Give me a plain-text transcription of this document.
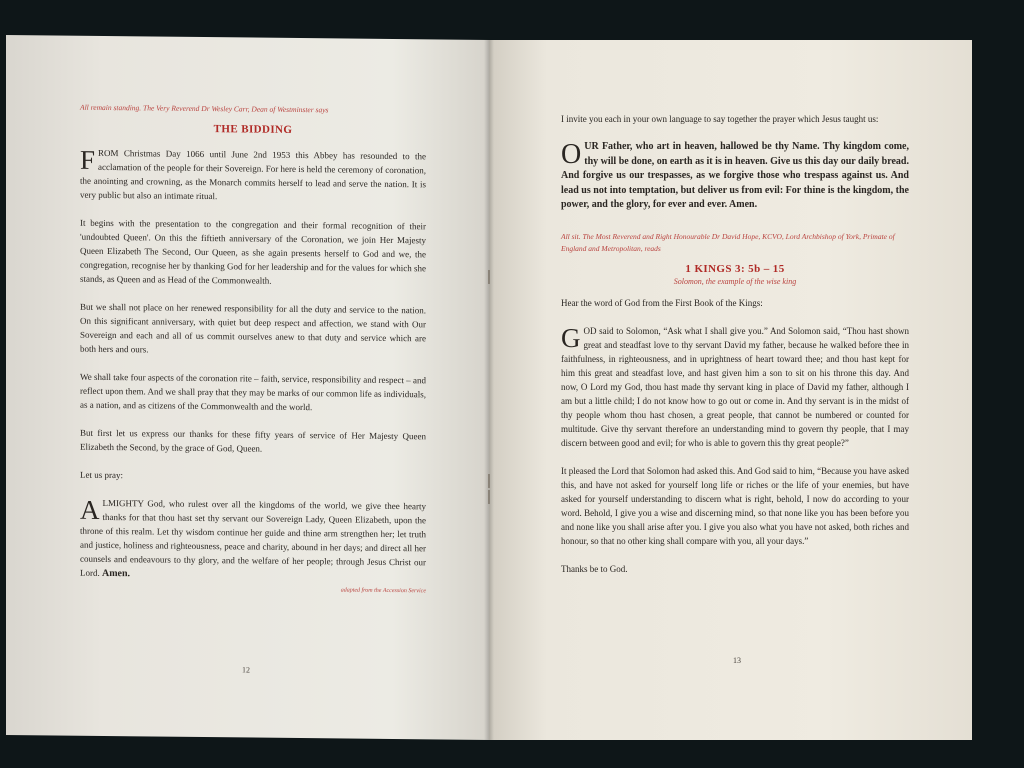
All remain standing. The Very Reverend Dr Wesley Carr, Dean of Westminster says

THE BIDDING

FROM Christmas Day 1066 until June 2nd 1953 this Abbey has resounded to the acclamation of the people for their Sovereign. For here is held the ceremony of coronation, the anointing and crowning, as the Monarch commits herself to lead and serve the nation. It is very public but also an intimate ritual.

It begins with the presentation to the congregation and their formal recognition of their 'undoubted Queen'. On this the fiftieth anniversary of the Coronation, we join Her Majesty Queen Elizabeth The Second, Our Queen, as she again presents herself to God and we, the congregation, recognise her by thanking God for her leadership and for the values for which she stands, as Queen and as Head of the Commonwealth.

But we shall not place on her renewed responsibility for all the duty and service to the nation. On this significant anniversary, with quiet but deep respect and affection, we stand with Our Sovereign and each and all of us commit ourselves anew to that duty and service which are both hers and ours.

We shall take four aspects of the coronation rite – faith, service, responsibility and respect – and reflect upon them. And we shall pray that they may be marks of our common life as individuals, as a nation, and as citizens of the Commonwealth and the world.

But first let us express our thanks for these fifty years of service of Her Majesty Queen Elizabeth the Second, by the grace of God, Queen.

Let us pray:

ALMIGHTY God, who rulest over all the kingdoms of the world, we give thee hearty thanks for that thou hast set thy servant our Sovereign Lady, Queen Elizabeth, upon the throne of this realm. Let thy wisdom continue her guide and thine arm strengthen her; let truth and justice, holiness and righteousness, peace and charity, abound in her days; and direct all her counsels and endeavours to thy glory, and the welfare of her people; through Jesus Christ our Lord. Amen.

adapted from the Accession Service
12

I invite you each in your own language to say together the prayer which Jesus taught us:

OUR Father, who art in heaven, hallowed be thy Name. Thy kingdom come, thy will be done, on earth as it is in heaven. Give us this day our daily bread. And forgive us our trespasses, as we forgive those who trespass against us. And lead us not into temptation, but deliver us from evil: For thine is the kingdom, the power, and the glory, for ever and ever. Amen.

All sit. The Most Reverend and Right Honourable Dr David Hope, KCVO, Lord Archbishop of York, Primate of England and Metropolitan, reads

1 KINGS 3: 5b – 15
Solomon, the example of the wise king

Hear the word of God from the First Book of the Kings:

GOD said to Solomon, “Ask what I shall give you.” And Solomon said, “Thou hast shown great and steadfast love to thy servant David my father, because he walked before thee in faithfulness, in righteousness, and in uprightness of heart toward thee; and thou hast kept for him this great and steadfast love, and hast given him a son to sit on his throne this day. And now, O Lord my God, thou hast made thy servant king in place of David my father, although I am but a little child; I do not know how to go out or come in. And thy servant is in the midst of thy people whom thou hast chosen, a great people, that cannot be numbered or counted for multitude. Give thy servant therefore an understanding mind to govern thy people, that I may discern between good and evil; for who is able to govern this thy great people?”

It pleased the Lord that Solomon had asked this. And God said to him, “Because you have asked this, and have not asked for yourself long life or riches or the life of your enemies, but have asked for yourself understanding to discern what is right, behold, I now do according to your word. Behold, I give you a wise and discerning mind, so that none like you has been before you and none like you shall arise after you. I give you also what you have not asked, both riches and honour, so that no other king shall compare with you, all your days.”

Thanks be to God.

13
